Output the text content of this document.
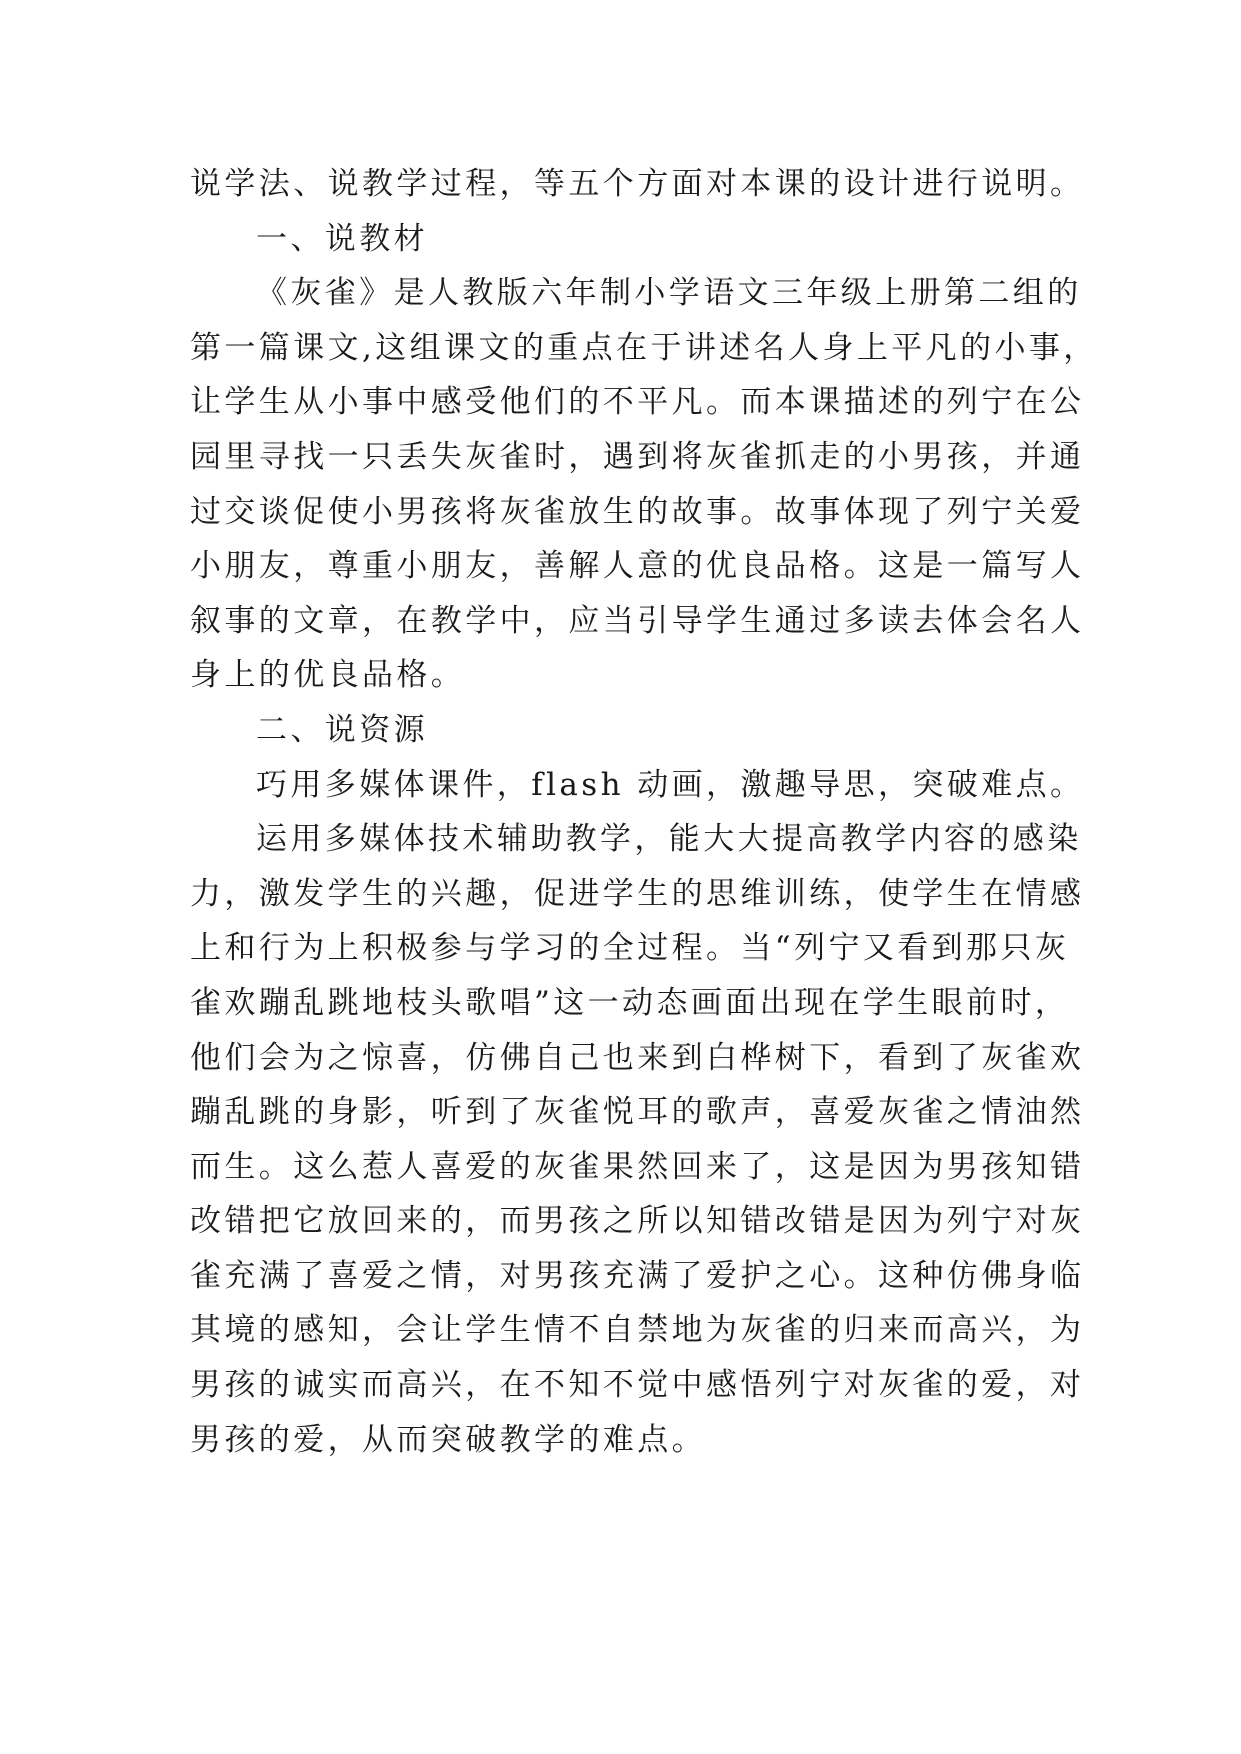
说学法、说教学过程，等五个方面对本课的设计进行说明。
一、说教材
《灰雀》是人教版六年制小学语文三年级上册第二组的
第一篇课文,这组课文的重点在于讲述名人身上平凡的小事，
让学生从小事中感受他们的不平凡。而本课描述的列宁在公
园里寻找一只丢失灰雀时，遇到将灰雀抓走的小男孩，并通
过交谈促使小男孩将灰雀放生的故事。故事体现了列宁关爱
小朋友，尊重小朋友，善解人意的优良品格。这是一篇写人
叙事的文章，在教学中，应当引导学生通过多读去体会名人
身上的优良品格。
二、说资源
巧用多媒体课件，flash 动画，激趣导思，突破难点。
运用多媒体技术辅助教学，能大大提高教学内容的感染
力，激发学生的兴趣，促进学生的思维训练，使学生在情感
上和行为上积极参与学习的全过程。当“列宁又看到那只灰
雀欢蹦乱跳地枝头歌唱”这一动态画面出现在学生眼前时，
他们会为之惊喜，仿佛自己也来到白桦树下，看到了灰雀欢
蹦乱跳的身影，听到了灰雀悦耳的歌声，喜爱灰雀之情油然
而生。这么惹人喜爱的灰雀果然回来了，这是因为男孩知错
改错把它放回来的，而男孩之所以知错改错是因为列宁对灰
雀充满了喜爱之情，对男孩充满了爱护之心。这种仿佛身临
其境的感知，会让学生情不自禁地为灰雀的归来而高兴，为
男孩的诚实而高兴，在不知不觉中感悟列宁对灰雀的爱，对
男孩的爱，从而突破教学的难点。
